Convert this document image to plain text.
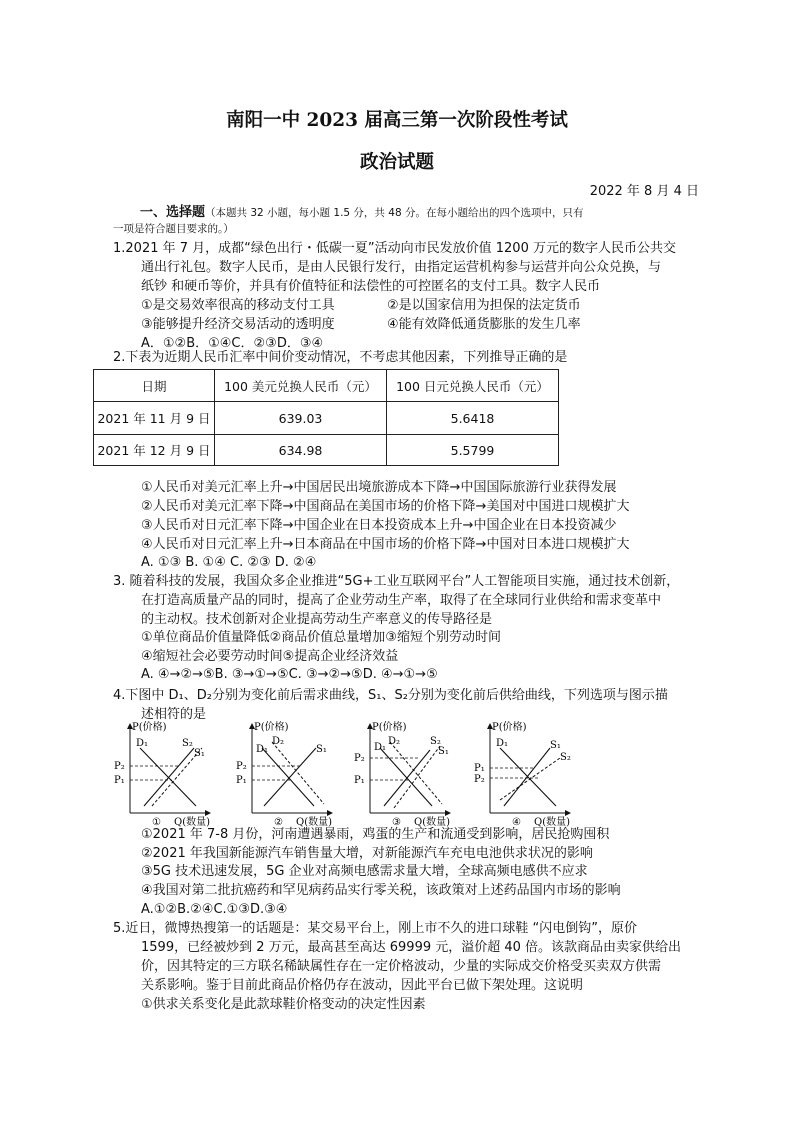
南阳一中 2023 届高三第一次阶段性考试
政治试题
2022 年 8 月 4 日
一、选择题（本题共 32 小题，每小题 1.5 分，共 48 分。在每小题给出的四个选项中，只有
一项是符合题目要求的。）
1.2021 年 7 月，成都“绿色出行・低碳一夏”活动向市民发放价值 1200 万元的数字人民币公共交
通出行礼包。数字人民币，是由人民银行发行，由指定运营机构参与运营并向公众兑换，与
纸钞 和硬币等价，并具有价值特征和法偿性的可控匿名的支付工具。数字人民币
①是交易效率很高的移动支付工具	②是以国家信用为担保的法定货币
③能够提升经济交易活动的透明度	④能有效降低通货膨胀的发生几率
A．①②B．①④C．②③D．③④
2.下表为近期人民币汇率中间价变动情况，不考虑其他因素，下列推导正确的是
日期	100 美元兑换人民币（元）	100 日元兑换人民币（元）
2021 年 11 月 9 日	639.03	5.6418
2021 年 12 月 9 日	634.98	5.5799
①人民币对美元汇率上升→中国居民出境旅游成本下降→中国国际旅游行业获得发展
②人民币对美元汇率下降→中国商品在美国市场的价格下降→美国对中国进口规模扩大
③人民币对日元汇率下降→中国企业在日本投资成本上升→中国企业在日本投资减少
④人民币对日元汇率上升→日本商品在中国市场的价格下降→中国对日本进口规模扩大
A. ①③ B. ①④ C. ②③ D. ②④
3. 随着科技的发展，我国众多企业推进“5G+工业互联网平台”人工智能项目实施，通过技术创新，
在打造高质量产品的同时，提高了企业劳动生产率，取得了在全球同行业供给和需求变革中
的主动权。技术创新对企业提高劳动生产率意义的传导路径是
①单位商品价值量降低②商品价值总量增加③缩短个别劳动时间
④缩短社会必要劳动时间⑤提高企业经济效益
A. ④→②→⑤B. ③→①→⑤C. ③→②→⑤D. ④→①→⑤
4.下图中 D₁、D₂分别为变化前后需求曲线，S₁、S₂分别为变化前后供给曲线，下列选项与图示描
述相符的是
P(价格)
D₁	S₂
S₁
P₂
P₁
Q(数量)
①
P(价格)
D₁
D₂
S₁
P₂
P₁
Q(数量)
②
P(价格)
D₁
D₂	S₂
S₁
P₂
P₁
Q(数量)
③
P(价格)
D₁	S₁
S₂
P₁
P₂
Q(数量)
④
①2021 年 7-8 月份，河南遭遇暴雨，鸡蛋的生产和流通受到影响，居民抢购囤积
②2021 年我国新能源汽车销售量大增，对新能源汽车充电电池供求状况的影响
③5G 技术迅速发展，5G 企业对高频电感需求量大增，全球高频电感供不应求
④我国对第二批抗癌药和罕见病药品实行零关税，该政策对上述药品国内市场的影响
A.①②B.②④C.①③D.③④
5.近日，微博热搜第一的话题是：某交易平台上，刚上市不久的进口球鞋 “闪电倒钩”，原价
1599，已经被炒到 2 万元，最高甚至高达 69999 元，溢价超 40 倍。该款商品由卖家供给出
价，因其特定的三方联名稀缺属性存在一定价格波动，少量的实际成交价格受买卖双方供需
关系影响。鉴于目前此商品价格仍存在波动，因此平台已做下架处理。这说明
①供求关系变化是此款球鞋价格变动的决定性因素
